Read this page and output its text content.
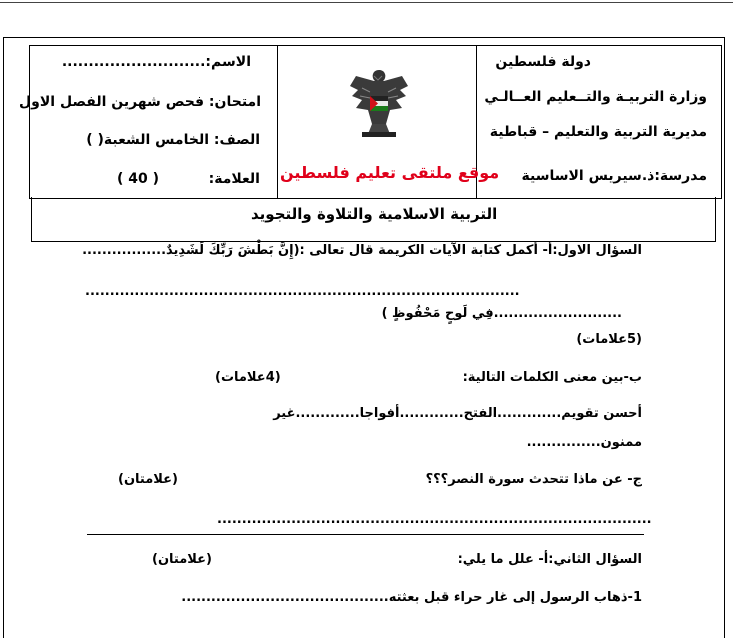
دولة فلسطين
وزارة التربيـة والتــعليم العــالـي
مديرية التربية والتعليم – قباطية
مدرسة:ذ.سيريس الاساسية
الاسم:...........................
امتحان: فحص شهرين الفصل الاول
الصف: الخامس الشعبة( )
العلامة:
( 40 )	موقع ملتقى تعليم فلسطين
التربية الاسلامية والتلاوة والتجويد
السؤال الاول:أ- أكمل كتابة الآيات الكريمة قال تعالى :(إِنَّ بَطْشَ رَبِّكَ لَشَدِيدٌ.................
........................................................................................
..........................فِي لَوحٍ مَحْفُوظٍ )
(5علامات)
ب-بين معنى الكلمات التالية:
(4علامات)
أحسن تقويم.............الفتح.............أفواجا.............غير
ممنون...............
ج- عن ماذا تتحدث سورة النصر؟؟؟
(علامتان)
........................................................................................
السؤال الثاني:أ- علل ما يلي:
(علامتان)
1-ذهاب الرسول إلى غار حراء قبل بعثته..........................................
